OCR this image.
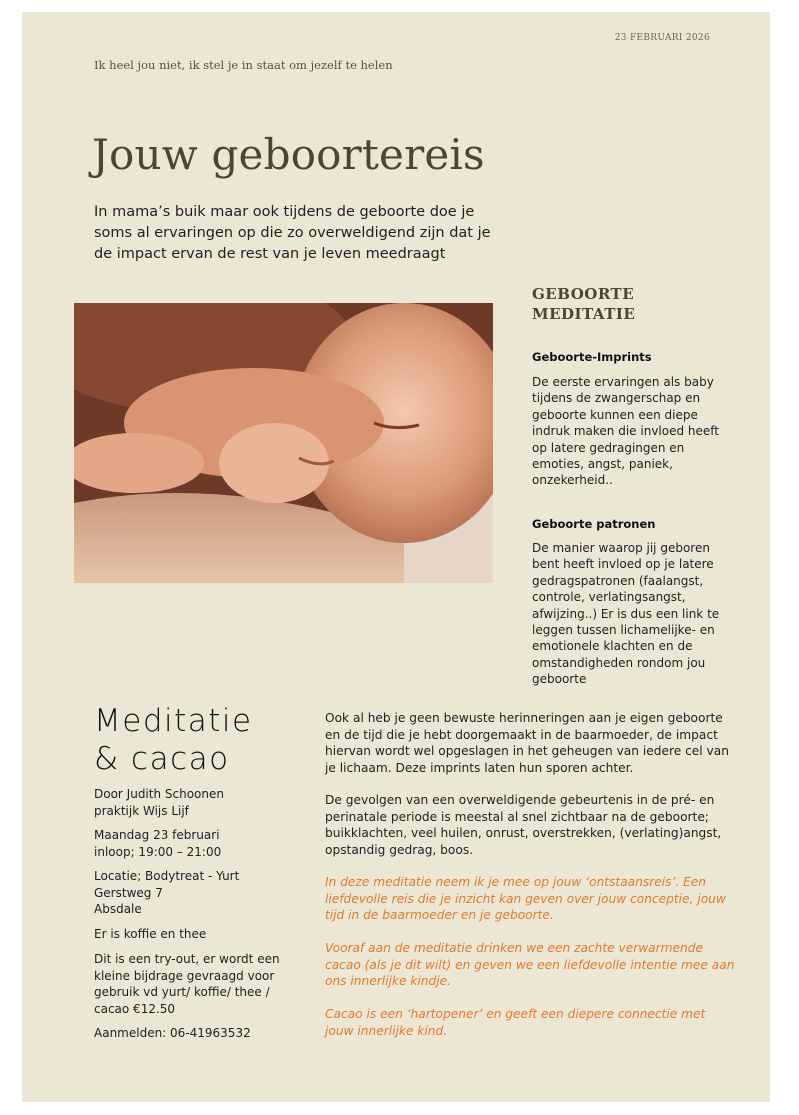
23 FEBRUARI 2026
Ik heel jou niet, ik stel je in staat om jezelf te helen
Jouw geboortereis
In mama’s buik maar ook tijdens de geboorte doe je soms al ervaringen op die zo overweldigend zijn dat je de impact ervan de rest van je leven meedraagt
GEBOORTE
MEDITATIE
Geboorte-Imprints
De eerste ervaringen als baby tijdens de zwangerschap en geboorte kunnen een diepe indruk maken die invloed heeft op latere gedragingen en emoties, angst, paniek, onzekerheid..
Geboorte patronen
De manier waarop jij geboren bent heeft invloed op je latere gedragspatronen (faalangst, controle, verlatingsangst, afwijzing..) Er is dus een link te leggen tussen lichamelijke- en emotionele klachten en de omstandigheden rondom jou geboorte
Meditatie
& cacao
Door Judith Schoonen
praktijk Wijs Lijf
Maandag 23 februari
inloop; 19:00 – 21:00
Locatie; Bodytreat - Yurt
Gerstweg 7
Absdale
Er is koffie en thee
Dit is een try-out, er wordt een kleine bijdrage gevraagd voor gebruik vd yurt/ koffie/ thee / cacao €12.50
Aanmelden: 06-41963532

Ook al heb je geen bewuste herinneringen aan je eigen geboorte en de tijd die je hebt doorgemaakt in de baarmoeder, de impact hiervan wordt wel opgeslagen in het geheugen van iedere cel van je lichaam. Deze imprints laten hun sporen achter.

De gevolgen van een overweldigende gebeurtenis in de pré- en perinatale periode is meestal al snel zichtbaar na de geboorte; buikklachten, veel huilen, onrust, overstrekken, (verlating)angst, opstandig gedrag, boos.

In deze meditatie neem ik je mee op jouw ‘ontstaansreis’. Een liefdevolle reis die je inzicht kan geven over jouw conceptie, jouw tijd in de baarmoeder en je geboorte.

Vooraf aan de meditatie drinken we een zachte verwarmende cacao (als je dit wilt) en geven we een liefdevolle intentie mee aan ons innerlijke kindje.

Cacao is een ‘hartopener’ en geeft een diepere connectie met jouw innerlijke kind.
